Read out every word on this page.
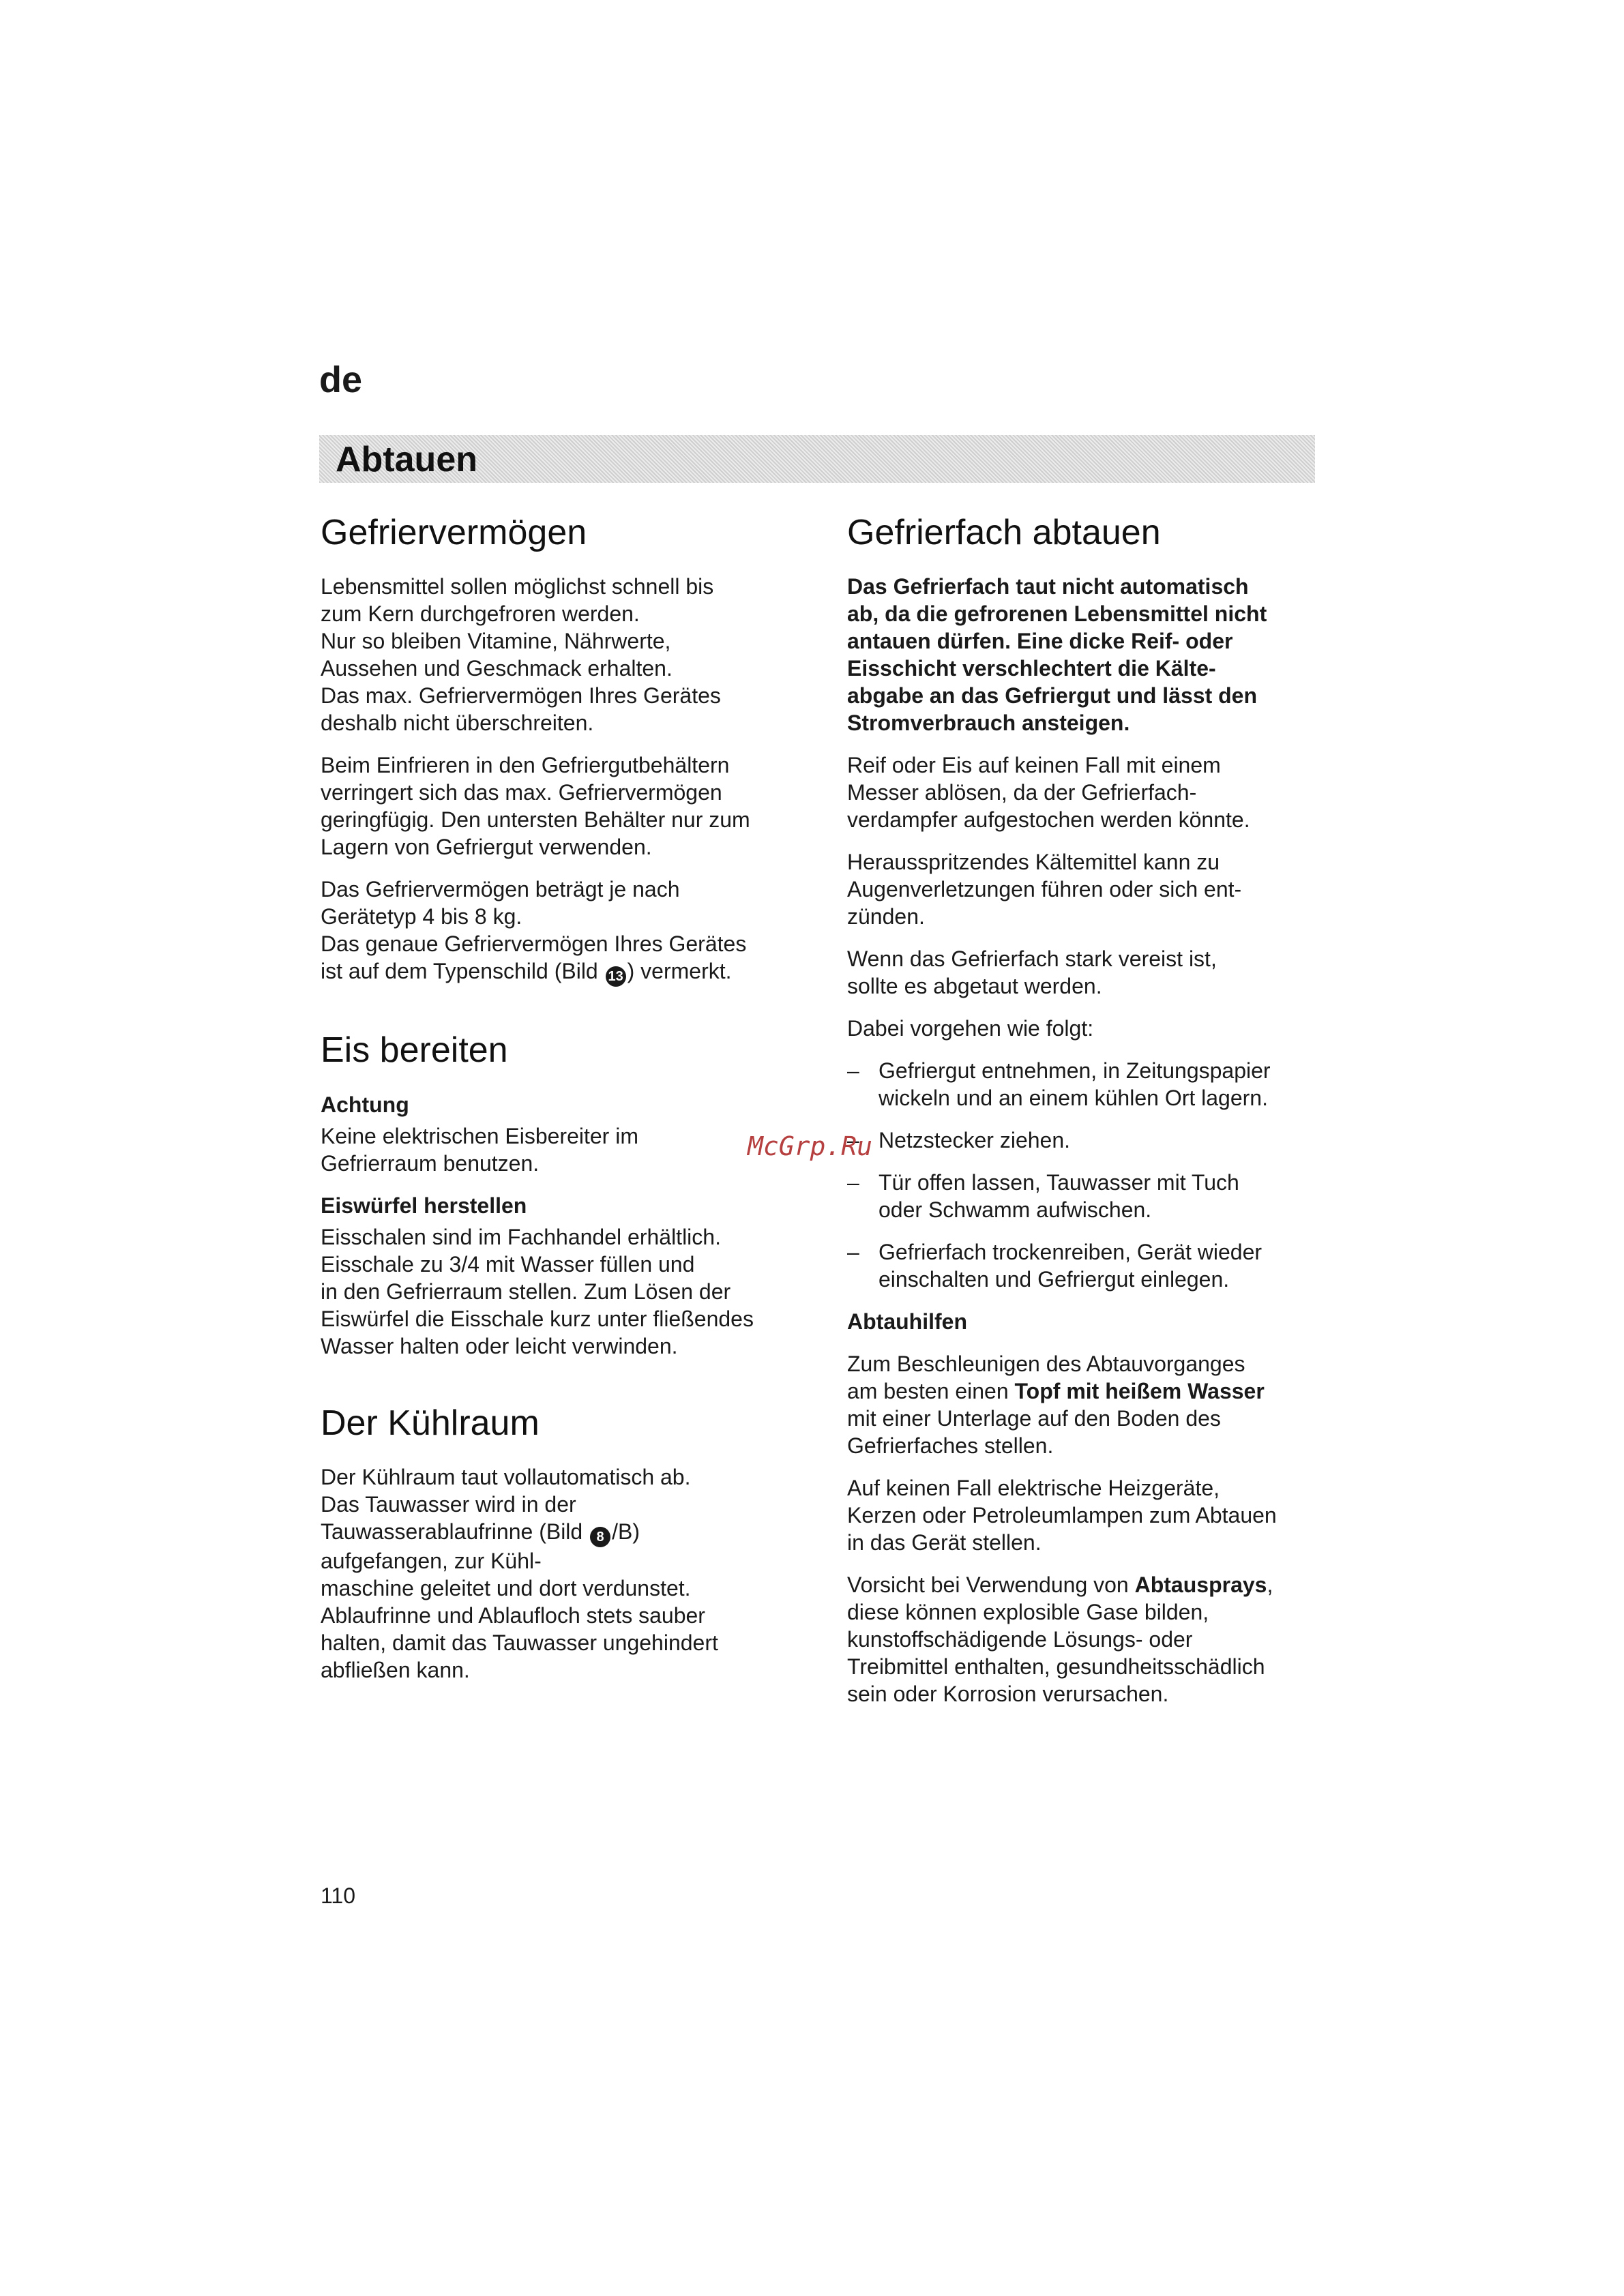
de
Abtauen
Gefriervermögen

Lebensmittel sollen möglichst schnell bis
zum Kern durchgefroren werden.
Nur so bleiben Vitamine, Nährwerte,
Aussehen und Geschmack erhalten.
Das max. Gefriervermögen Ihres Gerätes
deshalb nicht überschreiten.

Beim Einfrieren in den Gefriergutbehältern
verringert sich das max. Gefriervermögen
geringfügig. Den untersten Behälter nur zum
Lagern von Gefriergut verwenden.

Das Gefriervermögen beträgt je nach
Gerätetyp 4 bis 8 kg.
Das genaue Gefriervermögen Ihres Gerätes
ist auf dem Typenschild (Bild 13 ) vermerkt.

Eis bereiten
Achtung

Keine elektrischen Eisbereiter im
Gefrierraum benutzen.

Eiswürfel herstellen

Eisschalen sind im Fachhandel erhältlich.
Eisschale zu 3/4 mit Wasser füllen und
in den Gefrierraum stellen. Zum Lösen der
Eiswürfel die Eisschale kurz unter fließendes
Wasser halten oder leicht verwinden.

Der Kühlraum

Der Kühlraum taut vollautomatisch ab.
Das Tauwasser wird in der
Tauwasserablaufrinne (Bild 8 /B)
aufgefangen, zur Kühl-
maschine geleitet und dort verdunstet.
Ablaufrinne und Ablaufloch stets sauber
halten, damit das Tauwasser ungehindert
abfließen kann.

Gefrierfach abtauen

Das Gefrierfach taut nicht automatisch
ab, da die gefrorenen Lebensmittel nicht
antauen dürfen. Eine dicke Reif- oder
Eisschicht verschlechtert die Kälte-
abgabe an das Gefriergut und lässt den
Stromverbrauch ansteigen.

Reif oder Eis auf keinen Fall mit einem
Messer ablösen, da der Gefrierfach-
verdampfer aufgestochen werden könnte.

Herausspritzendes Kältemittel kann zu
Augenverletzungen führen oder sich ent-
zünden.

Wenn das Gefrierfach stark vereist ist,
sollte es abgetaut werden.

Dabei vorgehen wie folgt:

– Gefriergut entnehmen, in Zeitungspapier
wickeln und an einem kühlen Ort lagern.
– Netzstecker ziehen.
– Tür offen lassen, Tauwasser mit Tuch
oder Schwamm aufwischen.
– Gefrierfach trockenreiben, Gerät wieder
einschalten und Gefriergut einlegen.
Abtauhilfen

Zum Beschleunigen des Abtauvorganges
am besten einen Topf mit heißem Wasser
mit einer Unterlage auf den Boden des
Gefrierfaches stellen.

Auf keinen Fall elektrische Heizgeräte,
Kerzen oder Petroleumlampen zum Abtauen
in das Gerät stellen.

Vorsicht bei Verwendung von Abtausprays,
diese können explosible Gase bilden,
kunstoffschädigende Lösungs- oder
Treibmittel enthalten, gesundheitsschädlich
sein oder Korrosion verursachen.

McGrp.Ru
110
